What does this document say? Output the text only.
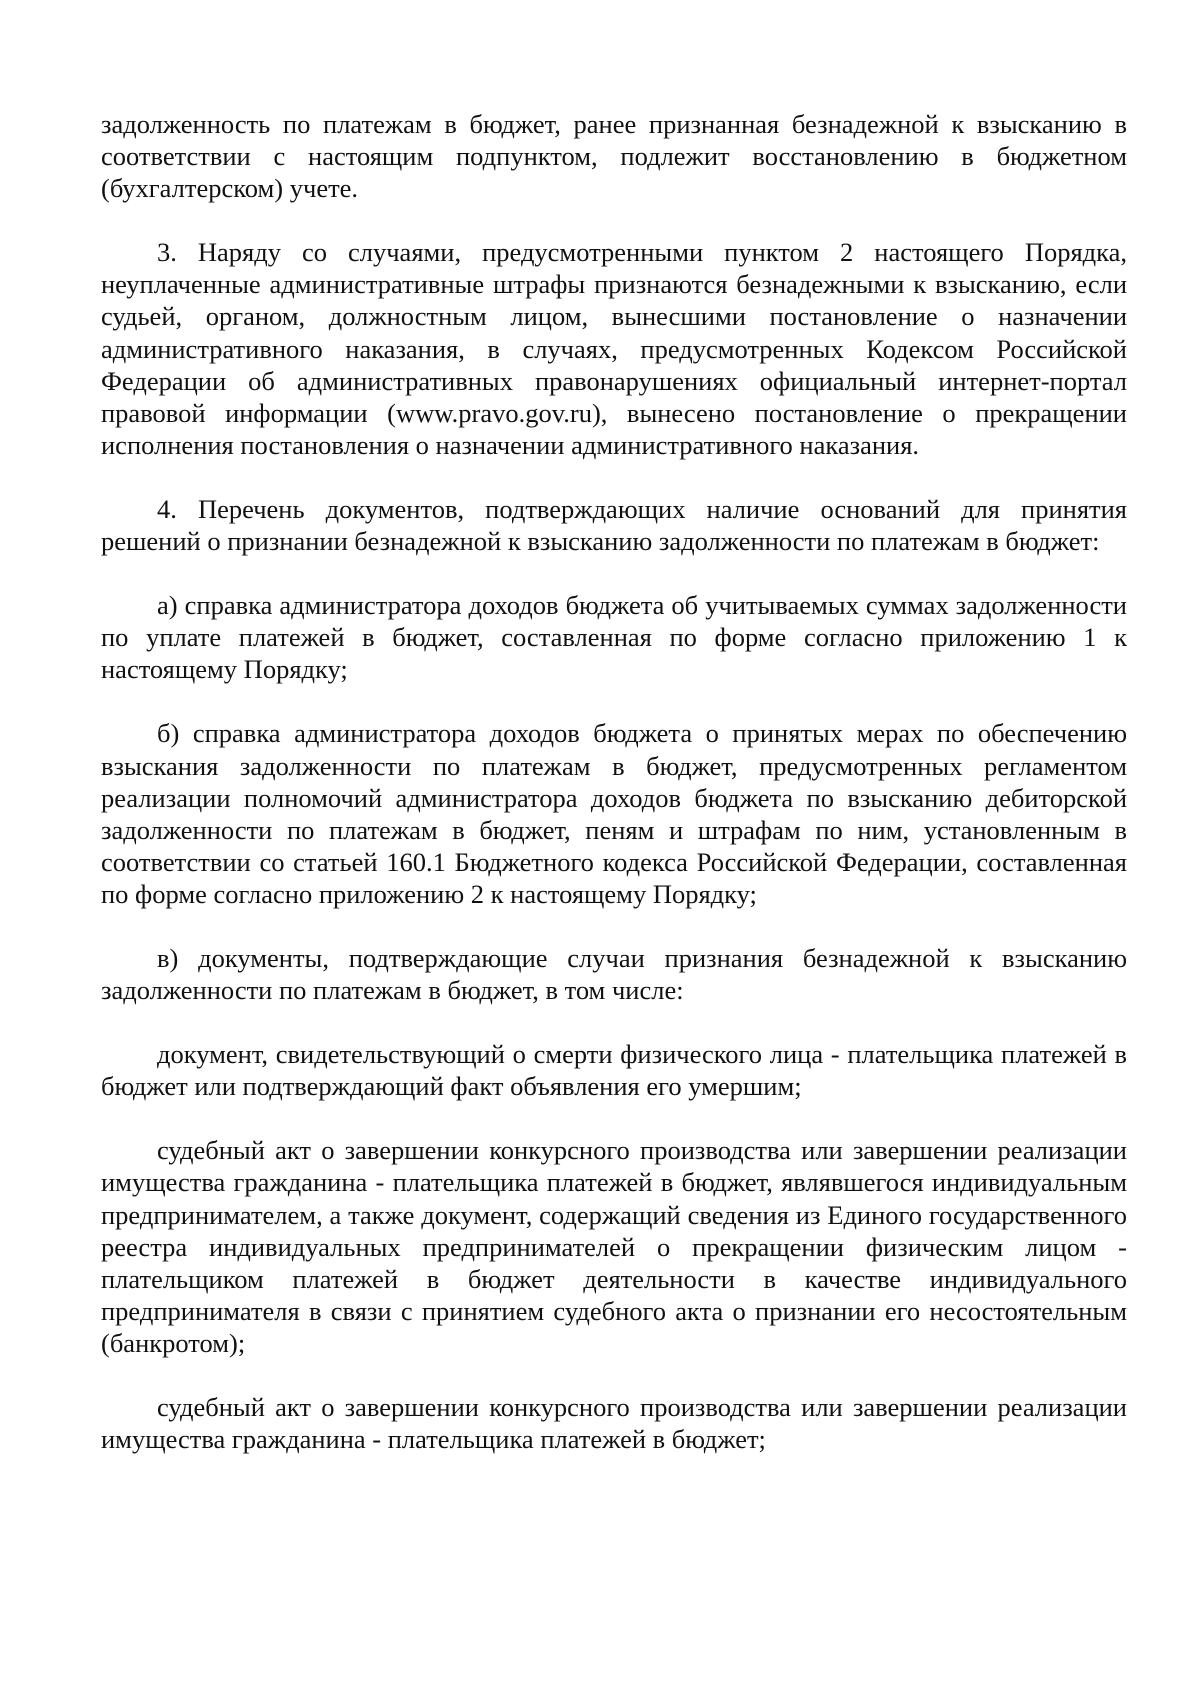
задолженность по платежам в бюджет, ранее признанная безнадежной к взысканию в соответствии с настоящим подпунктом, подлежит восстановлению в бюджетном (бухгалтерском) учете.

3. Наряду со случаями, предусмотренными пунктом 2 настоящего Порядка, неуплаченные административные штрафы признаются безнадежными к взысканию, если судьей, органом, должностным лицом, вынесшими постановление о назначении административного наказания, в случаях, предусмотренных Кодексом Российской Федерации об административных правонарушениях официальный интернет-портал правовой информации (www.pravo.gov.ru), вынесено постановление о прекращении исполнения постановления о назначении административного наказания.

4. Перечень документов, подтверждающих наличие оснований для принятия решений о признании безнадежной к взысканию задолженности по платежам в бюджет:

а) справка администратора доходов бюджета об учитываемых суммах задолженности по уплате платежей в бюджет, составленная по форме согласно приложению 1 к настоящему Порядку;

б) справка администратора доходов бюджета о принятых мерах по обеспечению взыскания задолженности по платежам в бюджет, предусмотренных регламентом реализации полномочий администратора доходов бюджета по взысканию дебиторской задолженности по платежам в бюджет, пеням и штрафам по ним, установленным в соответствии со статьей 160.1 Бюджетного кодекса Российской Федерации, составленная по форме согласно приложению 2 к настоящему Порядку;

в) документы, подтверждающие случаи признания безнадежной к взысканию задолженности по платежам в бюджет, в том числе:

документ, свидетельствующий о смерти физического лица - плательщика платежей в бюджет или подтверждающий факт объявления его умершим;

судебный акт о завершении конкурсного производства или завершении реализации имущества гражданина - плательщика платежей в бюджет, являвшегося индивидуальным предпринимателем, а также документ, содержащий сведения из Единого государственного реестра индивидуальных предпринимателей о прекращении физическим лицом - плательщиком платежей в бюджет деятельности в качестве индивидуального предпринимателя в связи с принятием судебного акта о признании его несостоятельным (банкротом);

судебный акт о завершении конкурсного производства или завершении реализации имущества гражданина - плательщика платежей в бюджет;
